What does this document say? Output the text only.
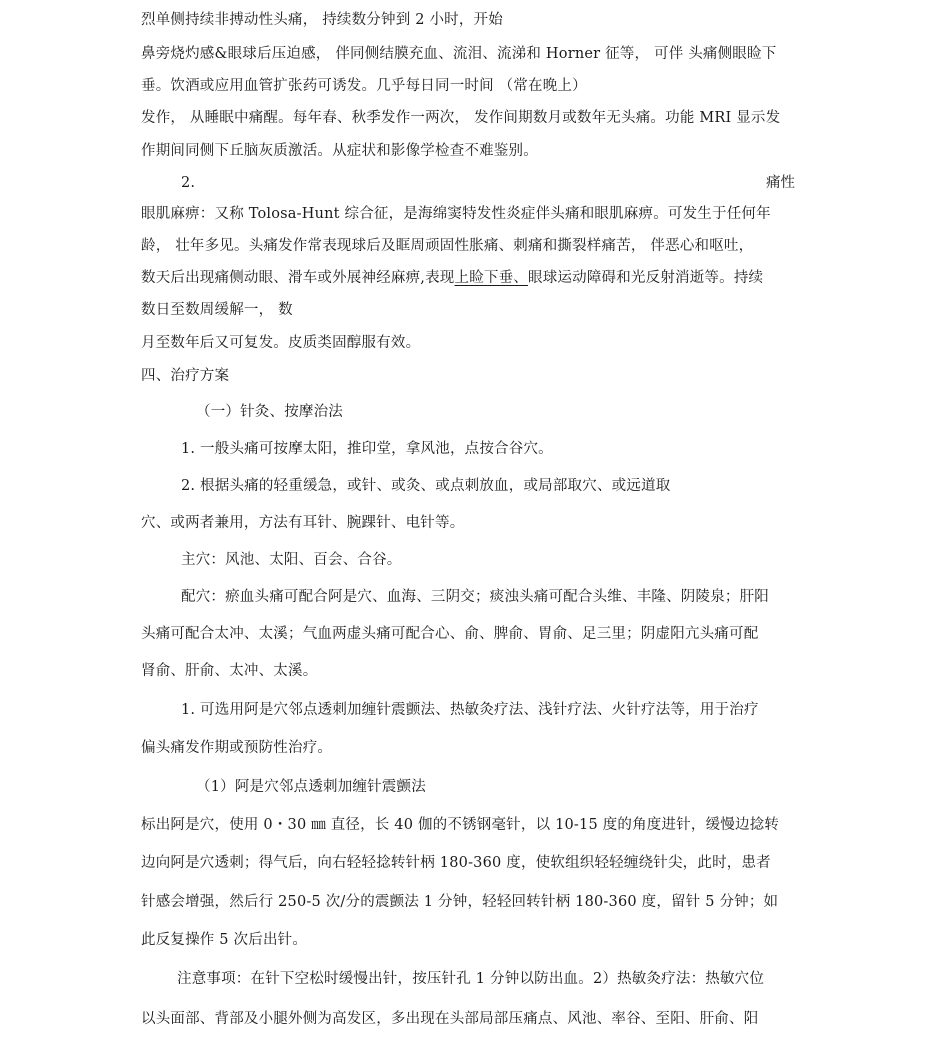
烈单侧持续非搏动性头痛， 持续数分钟到 2 小时，开始
鼻旁烧灼感&眼球后压迫感， 伴同侧结膜充血、流泪、流涕和 Horner 征等， 可伴 头痛侧眼睑下
垂。饮酒或应用血管扩张药可诱发。几乎每日同一时间 （常在晚上）
发作， 从睡眠中痛醒。每年春、秋季发作一两次， 发作间期数月或数年无头痛。功能 MRI 显示发
作期间同侧下丘脑灰质激活。从症状和影像学检查不难鉴别。
2.	痛性
眼肌麻痹：又称 Tolosa-Hunt 综合征，是海绵窦特发性炎症伴头痛和眼肌麻痹。可发生于任何年
龄， 壮年多见。头痛发作常表现球后及眶周顽固性胀痛、刺痛和撕裂样痛苦， 伴恶心和呕吐，
数天后出现痛侧动眼、滑车或外展神经麻痹,表现上睑下垂、眼球运动障碍和光反射消逝等。持续
数日至数周缓解一， 数
月至数年后又可复发。皮质类固醇服有效。
四、治疗方案
（一）针灸、按摩治法
1. 一般头痛可按摩太阳，推印堂，拿风池，点按合谷穴。
2. 根据头痛的轻重缓急，或针、或灸、或点刺放血，或局部取穴、或远道取
穴、或两者兼用，方法有耳针、腕踝针、电针等。
主穴：风池、太阳、百会、合谷。
配穴：瘀血头痛可配合阿是穴、血海、三阴交；痰浊头痛可配合头维、丰隆、阴陵泉；肝阳
头痛可配合太冲、太溪；气血两虚头痛可配合心、俞、脾俞、胃俞、足三里；阴虚阳亢头痛可配
肾俞、肝俞、太冲、太溪。
1. 可选用阿是穴邻点透刺加缠针震颤法、热敏灸疗法、浅针疗法、火针疗法等，用于治疗
偏头痛发作期或预防性治疗。
（1）阿是穴邻点透刺加缠针震颤法
标出阿是穴，使用 0・30 ㎜ 直径，长 40 伽的不锈钢毫针，以 10-15 度的角度进针，缓慢边捻转
边向阿是穴透刺；得气后，向右轻轻捻转针柄 180-360 度，使软组织轻轻缠绕针尖，此时，患者
针感会增强，然后行 250-5 次/分的震颤法 1 分钟，轻轻回转针柄 180-360 度，留针 5 分钟；如
此反复操作 5 次后出针。
注意事项：在针下空松时缓慢出针，按压针孔 1 分钟以防出血。2）热敏灸疗法：热敏穴位
以头面部、背部及小腿外侧为高发区，多出现在头部局部压痛点、风池、率谷、至阳、肝俞、阳
